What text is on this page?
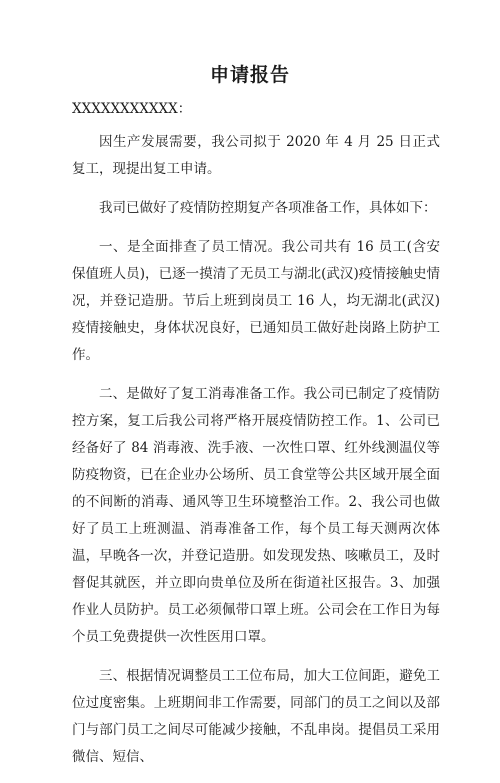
申请报告
XXXXXXXXXXX：

因生产发展需要，我公司拟于 2020 年 4 月 25 日正式复工，现提出复工申请。

我司已做好了疫情防控期复产各项准备工作，具体如下：

一、是全面排查了员工情况。我公司共有 16 员工(含安保值班人员)，已逐一摸清了无员工与湖北(武汉)疫情接触史情况，并登记造册。节后上班到岗员工 16 人，均无湖北(武汉)疫情接触史，身体状况良好，已通知员工做好赴岗路上防护工作。

二、是做好了复工消毒准备工作。我公司已制定了疫情防控方案，复工后我公司将严格开展疫情防控工作。1、公司已经备好了 84 消毒液、洗手液、一次性口罩、红外线测温仪等防疫物资，已在企业办公场所、员工食堂等公共区域开展全面的不间断的消毒、通风等卫生环境整治工作。2、我公司也做好了员工上班测温、消毒准备工作，每个员工每天测两次体温，早晚各一次，并登记造册。如发现发热、咳嗽员工，及时督促其就医，并立即向贵单位及所在街道社区报告。3、加强作业人员防护。员工必须佩带口罩上班。公司会在工作日为每个员工免费提供一次性医用口罩。

三、根据情况调整员工工位布局，加大工位间距，避免工位过度密集。上班期间非工作需要，同部门的员工之间以及部门与部门员工之间尽可能减少接触，不乱串岗。提倡员工采用微信、短信、
